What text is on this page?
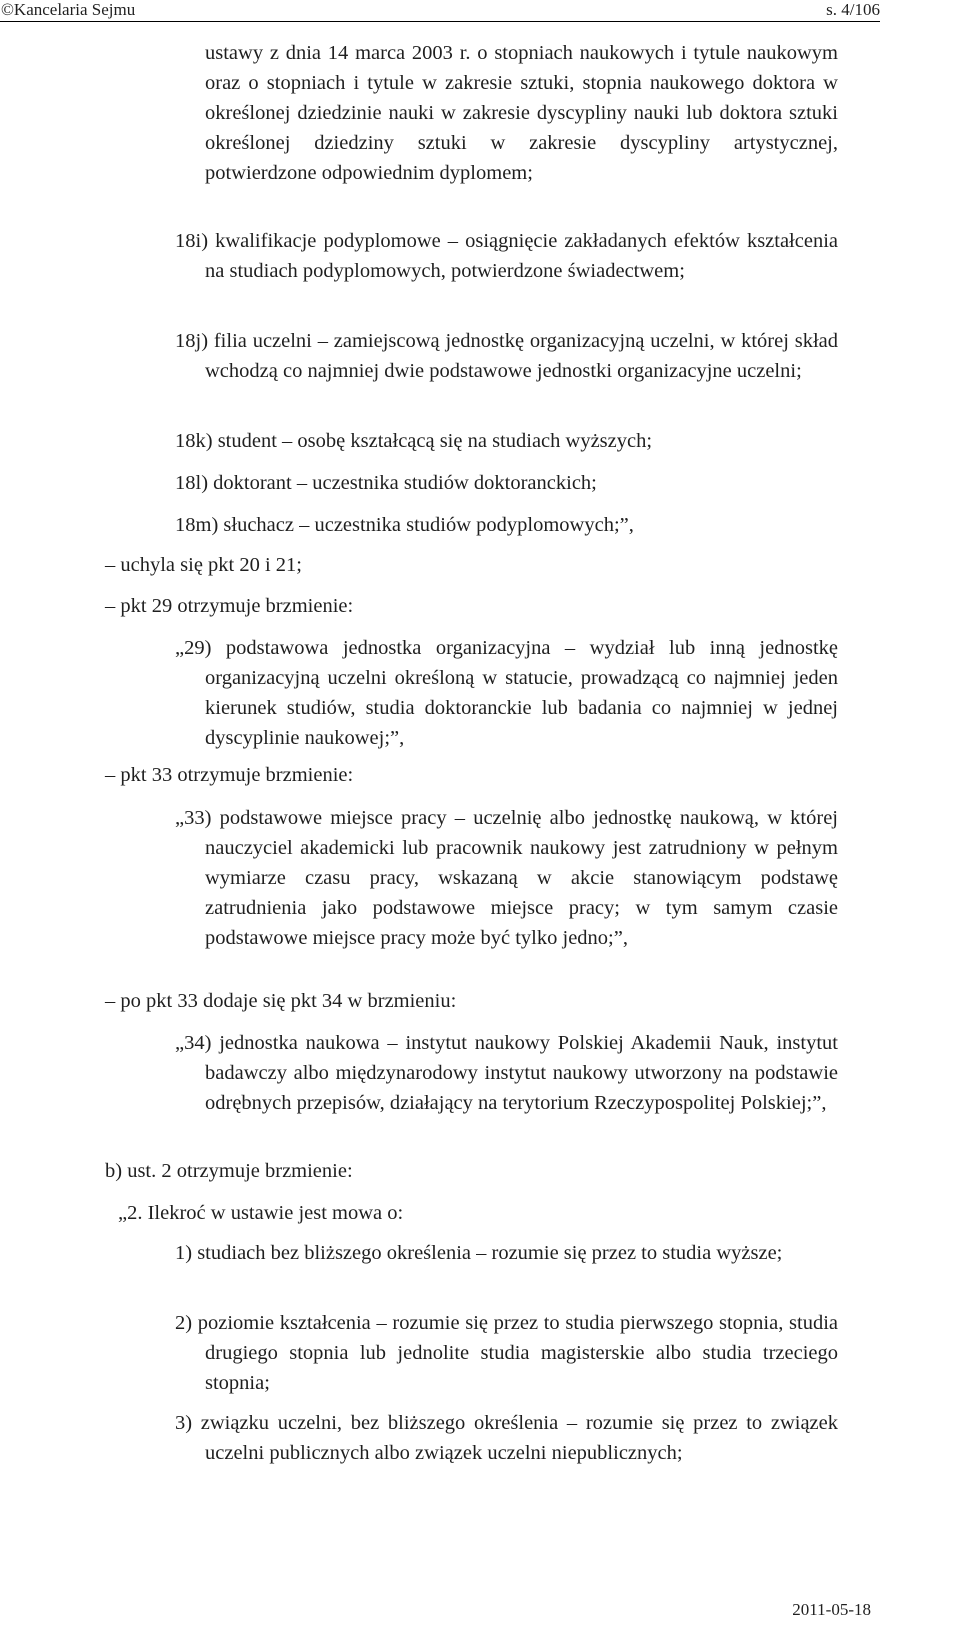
©Kancelaria Sejmu	s. 4/106

ustawy z dnia 14 marca 2003 r. o stopniach naukowych i tytule naukowym oraz o stopniach i tytule w zakresie sztuki, stopnia naukowego doktora w określonej dziedzinie nauki w zakresie dyscypliny nauki lub doktora sztuki określonej dziedziny sztuki w zakresie dyscypliny artystycznej, potwierdzone odpowiednim dyplomem;

18i) kwalifikacje podyplomowe – osiągnięcie zakładanych efektów kształcenia na studiach podyplomowych, potwierdzone świadectwem;

18j) filia uczelni – zamiejscową jednostkę organizacyjną uczelni, w której skład wchodzą co najmniej dwie podstawowe jednostki organizacyjne uczelni;

18k) student – osobę kształcącą się na studiach wyższych;

18l) doktorant – uczestnika studiów doktoranckich;

18m) słuchacz – uczestnika studiów podyplomowych;”,

– uchyla się pkt 20 i 21;

– pkt 29 otrzymuje brzmienie:

„29) podstawowa jednostka organizacyjna – wydział lub inną jednostkę organizacyjną uczelni określoną w statucie, prowadzącą co najmniej jeden kierunek studiów, studia doktoranckie lub badania co najmniej w jednej dyscyplinie naukowej;”,

– pkt 33 otrzymuje brzmienie:

„33) podstawowe miejsce pracy – uczelnię albo jednostkę naukową, w której nauczyciel akademicki lub pracownik naukowy jest zatrudniony w pełnym wymiarze czasu pracy, wskazaną w akcie stanowiącym podstawę zatrudnienia jako podstawowe miejsce pracy; w tym samym czasie podstawowe miejsce pracy może być tylko jedno;”,

– po pkt 33 dodaje się pkt 34 w brzmieniu:

„34) jednostka naukowa – instytut naukowy Polskiej Akademii Nauk, instytut badawczy albo międzynarodowy instytut naukowy utworzony na podstawie odrębnych przepisów, działający na terytorium Rzeczypospolitej Polskiej;”,

b) ust. 2 otrzymuje brzmienie:

„2. Ilekroć w ustawie jest mowa o:

1) studiach bez bliższego określenia – rozumie się przez to studia wyższe;

2) poziomie kształcenia – rozumie się przez to studia pierwszego stopnia, studia drugiego stopnia lub jednolite studia magisterskie albo studia trzeciego stopnia;

3) związku uczelni, bez bliższego określenia – rozumie się przez to związek uczelni publicznych albo związek uczelni niepublicznych;

2011-05-18
